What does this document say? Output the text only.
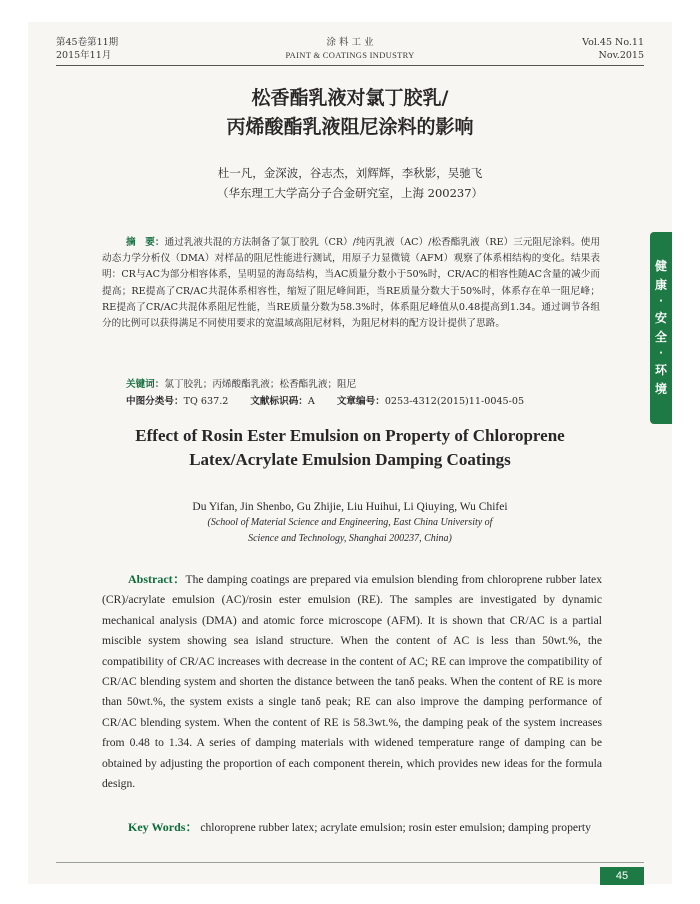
第45卷第11期
2015年11月
涂 料 工 业
PAINT & COATINGS INDUSTRY
Vol.45 No.11
Nov.2015
松香酯乳液对氯丁胶乳/
丙烯酸酯乳液阻尼涂料的影响
杜一凡，金深波，谷志杰，刘辉辉，李秋影，吴驰飞
（华东理工大学高分子合金研究室，上海 200237）
摘　要：通过乳液共混的方法制备了氯丁胶乳（CR）/纯丙乳液（AC）/松香酯乳液（RE）三元阻尼涂料。使用动态力学分析仪（DMA）对样品的阻尼性能进行测试，用原子力显微镜（AFM）观察了体系相结构的变化。结果表明：CR与AC为部分相容体系，呈明显的海岛结构，当AC质量分数小于50%时，CR/AC的相容性随AC含量的减少而提高；RE提高了CR/AC共混体系相容性，缩短了阻尼峰间距，当RE质量分数大于50%时，体系存在单一阻尼峰；RE提高了CR/AC共混体系阻尼性能，当RE质量分数为58.3%时，体系阻尼峰值从0.48提高到1.34。通过调节各组分的比例可以获得满足不同使用要求的宽温域高阻尼材料，为阻尼材料的配方设计提供了思路。
关键词：氯丁胶乳；丙烯酸酯乳液；松香酯乳液；阻尼
中图分类号：TQ 637.2 文献标识码：A 文章编号：0253-4312(2015)11-0045-05
Effect of Rosin Ester Emulsion on Property of Chloroprene
Latex/Acrylate Emulsion Damping Coatings
Du Yifan, Jin Shenbo, Gu Zhijie, Liu Huihui, Li Qiuying, Wu Chifei
(School of Material Science and Engineering, East China University of
Science and Technology, Shanghai 200237, China)
Abstract：The damping coatings are prepared via emulsion blending from chloroprene rubber latex (CR)/acrylate emulsion (AC)/rosin ester emulsion (RE). The samples are investigated by dynamic mechanical analysis (DMA) and atomic force microscope (AFM). It is shown that CR/AC is a partial miscible system showing sea island structure. When the content of AC is less than 50wt.%, the compatibility of CR/AC increases with decrease in the content of AC; RE can improve the compatibility of CR/AC blending system and shorten the distance between the tanδ peaks. When the content of RE is more than 50wt.%, the system exists a single tanδ peak; RE can also improve the damping performance of CR/AC blending system. When the content of RE is 58.3wt.%, the damping peak of the system increases from 0.48 to 1.34. A series of damping materials with widened temperature range of damping can be obtained by adjusting the proportion of each component therein, which provides new ideas for the formula design.
Key Words： chloroprene rubber latex; acrylate emulsion; rosin ester emulsion; damping property
45
健
康
·
安
全
·
环
境
